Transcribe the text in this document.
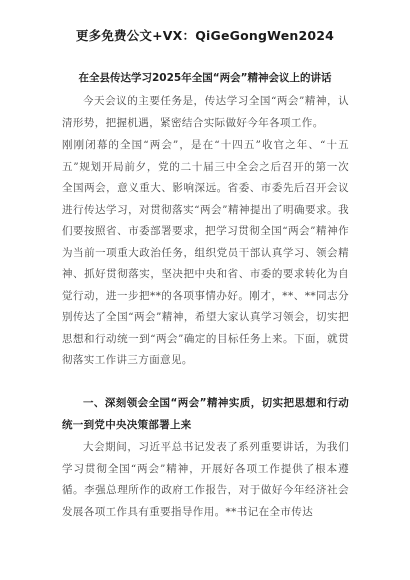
更多免费公文+VX：QiGeGongWen2024
在全县传达学习2025年全国“两会”精神会议上的讲话
今天会议的主要任务是，传达学习全国“两会”精神，认清形势，把握机遇，紧密结合实际做好今年各项工作。
刚刚闭幕的全国“两会”，是在“十四五”收官之年、“十五五”规划开局前夕，党的二十届三中全会之后召开的第一次全国两会，意义重大、影响深远。省委、市委先后召开会议进行传达学习，对贯彻落实“两会”精神提出了明确要求。我们要按照省、市委部署要求，把学习贯彻全国“两会”精神作为当前一项重大政治任务，组织党员干部认真学习、领会精神、抓好贯彻落实，坚决把中央和省、市委的要求转化为自觉行动，进一步把**的各项事情办好。刚才，**、**同志分别传达了全国“两会”精神，希望大家认真学习领会，切实把思想和行动统一到“两会”确定的目标任务上来。下面，就贯彻落实工作讲三方面意见。
一、深刻领会全国“两会”精神实质，切实把思想和行动统一到党中央决策部署上来
大会期间，习近平总书记发表了系列重要讲话，为我们学习贯彻全国“两会”精神，开展好各项工作提供了根本遵循。李强总理所作的政府工作报告，对于做好今年经济社会发展各项工作具有重要指导作用。**书记在全市传达
